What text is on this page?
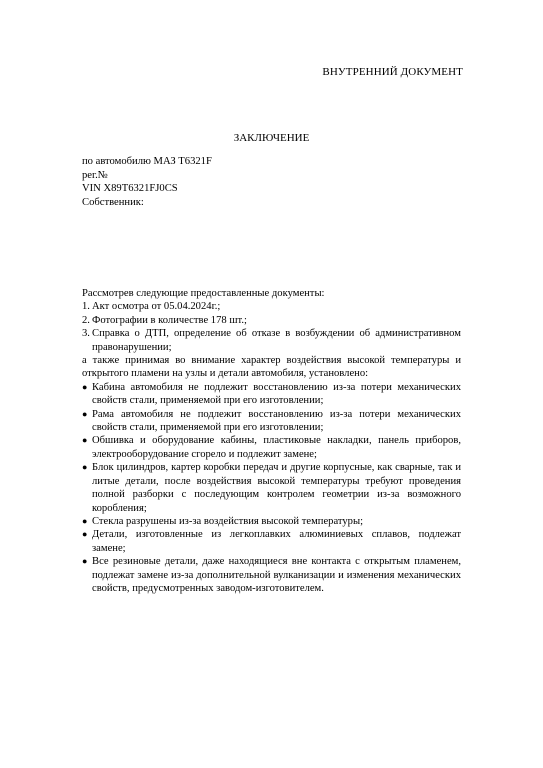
ВНУТРЕННИЙ ДОКУМЕНТ
ЗАКЛЮЧЕНИЕ
по автомобилю МАЗ Т6321F
рег.№
VIN X89T6321FJ0CS
Собственник:

Рассмотрев следующие предоставленные документы:

1. Акт осмотра от 05.04.2024г.;
2. Фотографии в количестве 178 шт.;
3. Справка о ДТП, определение об отказе в возбуждении об административном правонарушении;

а также принимая во внимание характер воздействия высокой температуры и открытого пламени на узлы и детали автомобиля, установлено:

● Кабина автомобиля не подлежит восстановлению из-за потери механических свойств стали, применяемой при его изготовлении;
● Рама автомобиля не подлежит восстановлению из-за потери механических свойств стали, применяемой при его изготовлении;
● Обшивка и оборудование кабины, пластиковые накладки, панель приборов, электрооборудование сгорело и подлежит замене;
● Блок цилиндров, картер коробки передач и другие корпусные, как сварные, так и литые детали, после воздействия высокой температуры требуют проведения полной разборки с последующим контролем геометрии из-за возможного коробления;
● Стекла разрушены из-за воздействия высокой температуры;
● Детали, изготовленные из легкоплавких алюминиевых сплавов, подлежат замене;
● Все резиновые детали, даже находящиеся вне контакта с открытым пламенем, подлежат замене из-за дополнительной вулканизации и изменения механических свойств, предусмотренных заводом-изготовителем.
